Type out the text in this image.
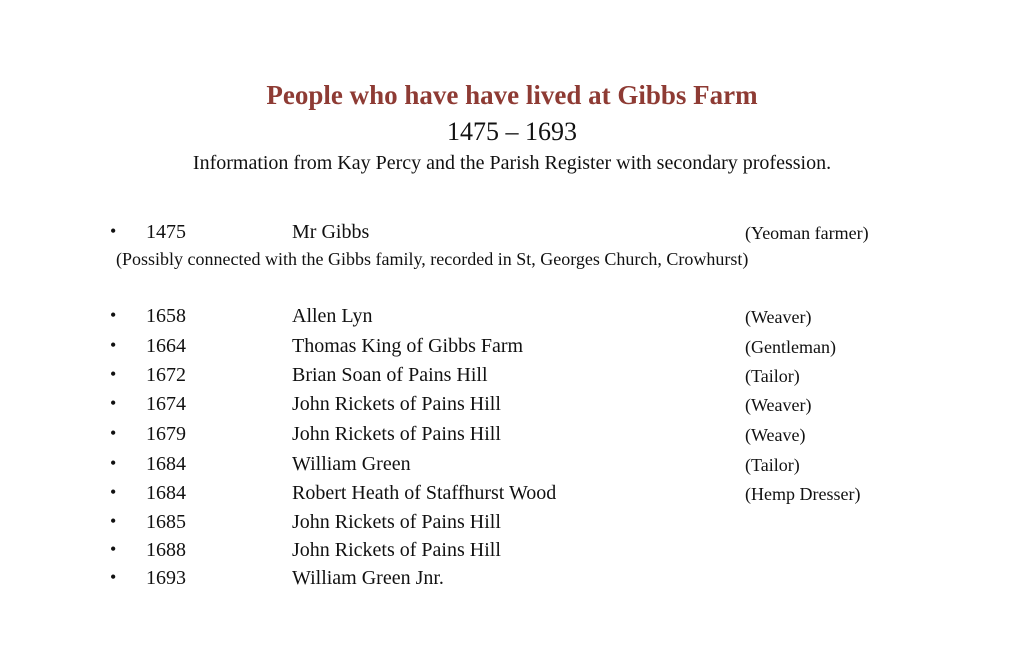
People who have have lived at Gibbs Farm
1475 – 1693
Information from Kay Percy and the Parish Register with secondary profession.
• 1475	Mr Gibbs	(Yeoman farmer)
(Possibly connected with the Gibbs family, recorded in St, Georges Church, Crowhurst)
• 1658	Allen Lyn	(Weaver)
• 1664	Thomas King of Gibbs Farm	(Gentleman)
• 1672	Brian Soan of Pains Hill	(Tailor)
• 1674	John Rickets of Pains Hill	(Weaver)
• 1679	John Rickets of Pains Hill	(Weave)
• 1684	William Green	(Tailor)
• 1684	Robert Heath of Staffhurst Wood	(Hemp Dresser)
• 1685	John Rickets of Pains Hill
• 1688	John Rickets of Pains Hill
• 1693	William Green Jnr.
